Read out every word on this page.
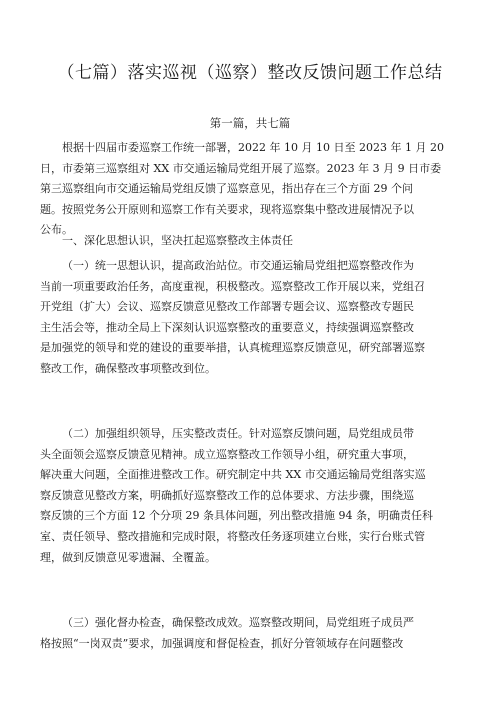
（七篇）落实巡视（巡察）整改反馈问题工作总结
第一篇，共七篇
根据十四届市委巡察工作统一部署，2022 年 10 月 10 日至 2023 年 1 月 20
日，市委第三巡察组对 XX 市交通运输局党组开展了巡察。2023 年 3 月 9 日市委
第三巡察组向市交通运输局党组反馈了巡察意见，指出存在三个方面 29 个问
题。按照党务公开原则和巡察工作有关要求，现将巡察集中整改进展情况予以
公布。
一、深化思想认识，坚决扛起巡察整改主体责任
（一）统一思想认识，提高政治站位。市交通运输局党组把巡察整改作为
当前一项重要政治任务，高度重视，积极整改。巡察整改工作开展以来，党组召
开党组（扩大）会议、巡察反馈意见整改工作部署专题会议、巡察整改专题民
主生活会等，推动全局上下深刻认识巡察整改的重要意义，持续强调巡察整改
是加强党的领导和党的建设的重要举措，认真梳理巡察反馈意见，研究部署巡察
整改工作，确保整改事项整改到位。
（二）加强组织领导，压实整改责任。针对巡察反馈问题，局党组成员带
头全面领会巡察反馈意见精神。成立巡察整改工作领导小组，研究重大事项，
解决重大问题，全面推进整改工作。研究制定中共 XX 市交通运输局党组落实巡
察反馈意见整改方案，明确抓好巡察整改工作的总体要求、方法步骤，围绕巡
察反馈的三个方面 12 个分项 29 条具体问题，列出整改措施 94 条，明确责任科
室、责任领导、整改措施和完成时限，将整改任务逐项建立台账，实行台账式管
理，做到反馈意见零遗漏、全覆盖。
（三）强化督办检查，确保整改成效。巡察整改期间，局党组班子成员严
格按照“一岗双责”要求，加强调度和督促检查，抓好分管领域存在问题整改
